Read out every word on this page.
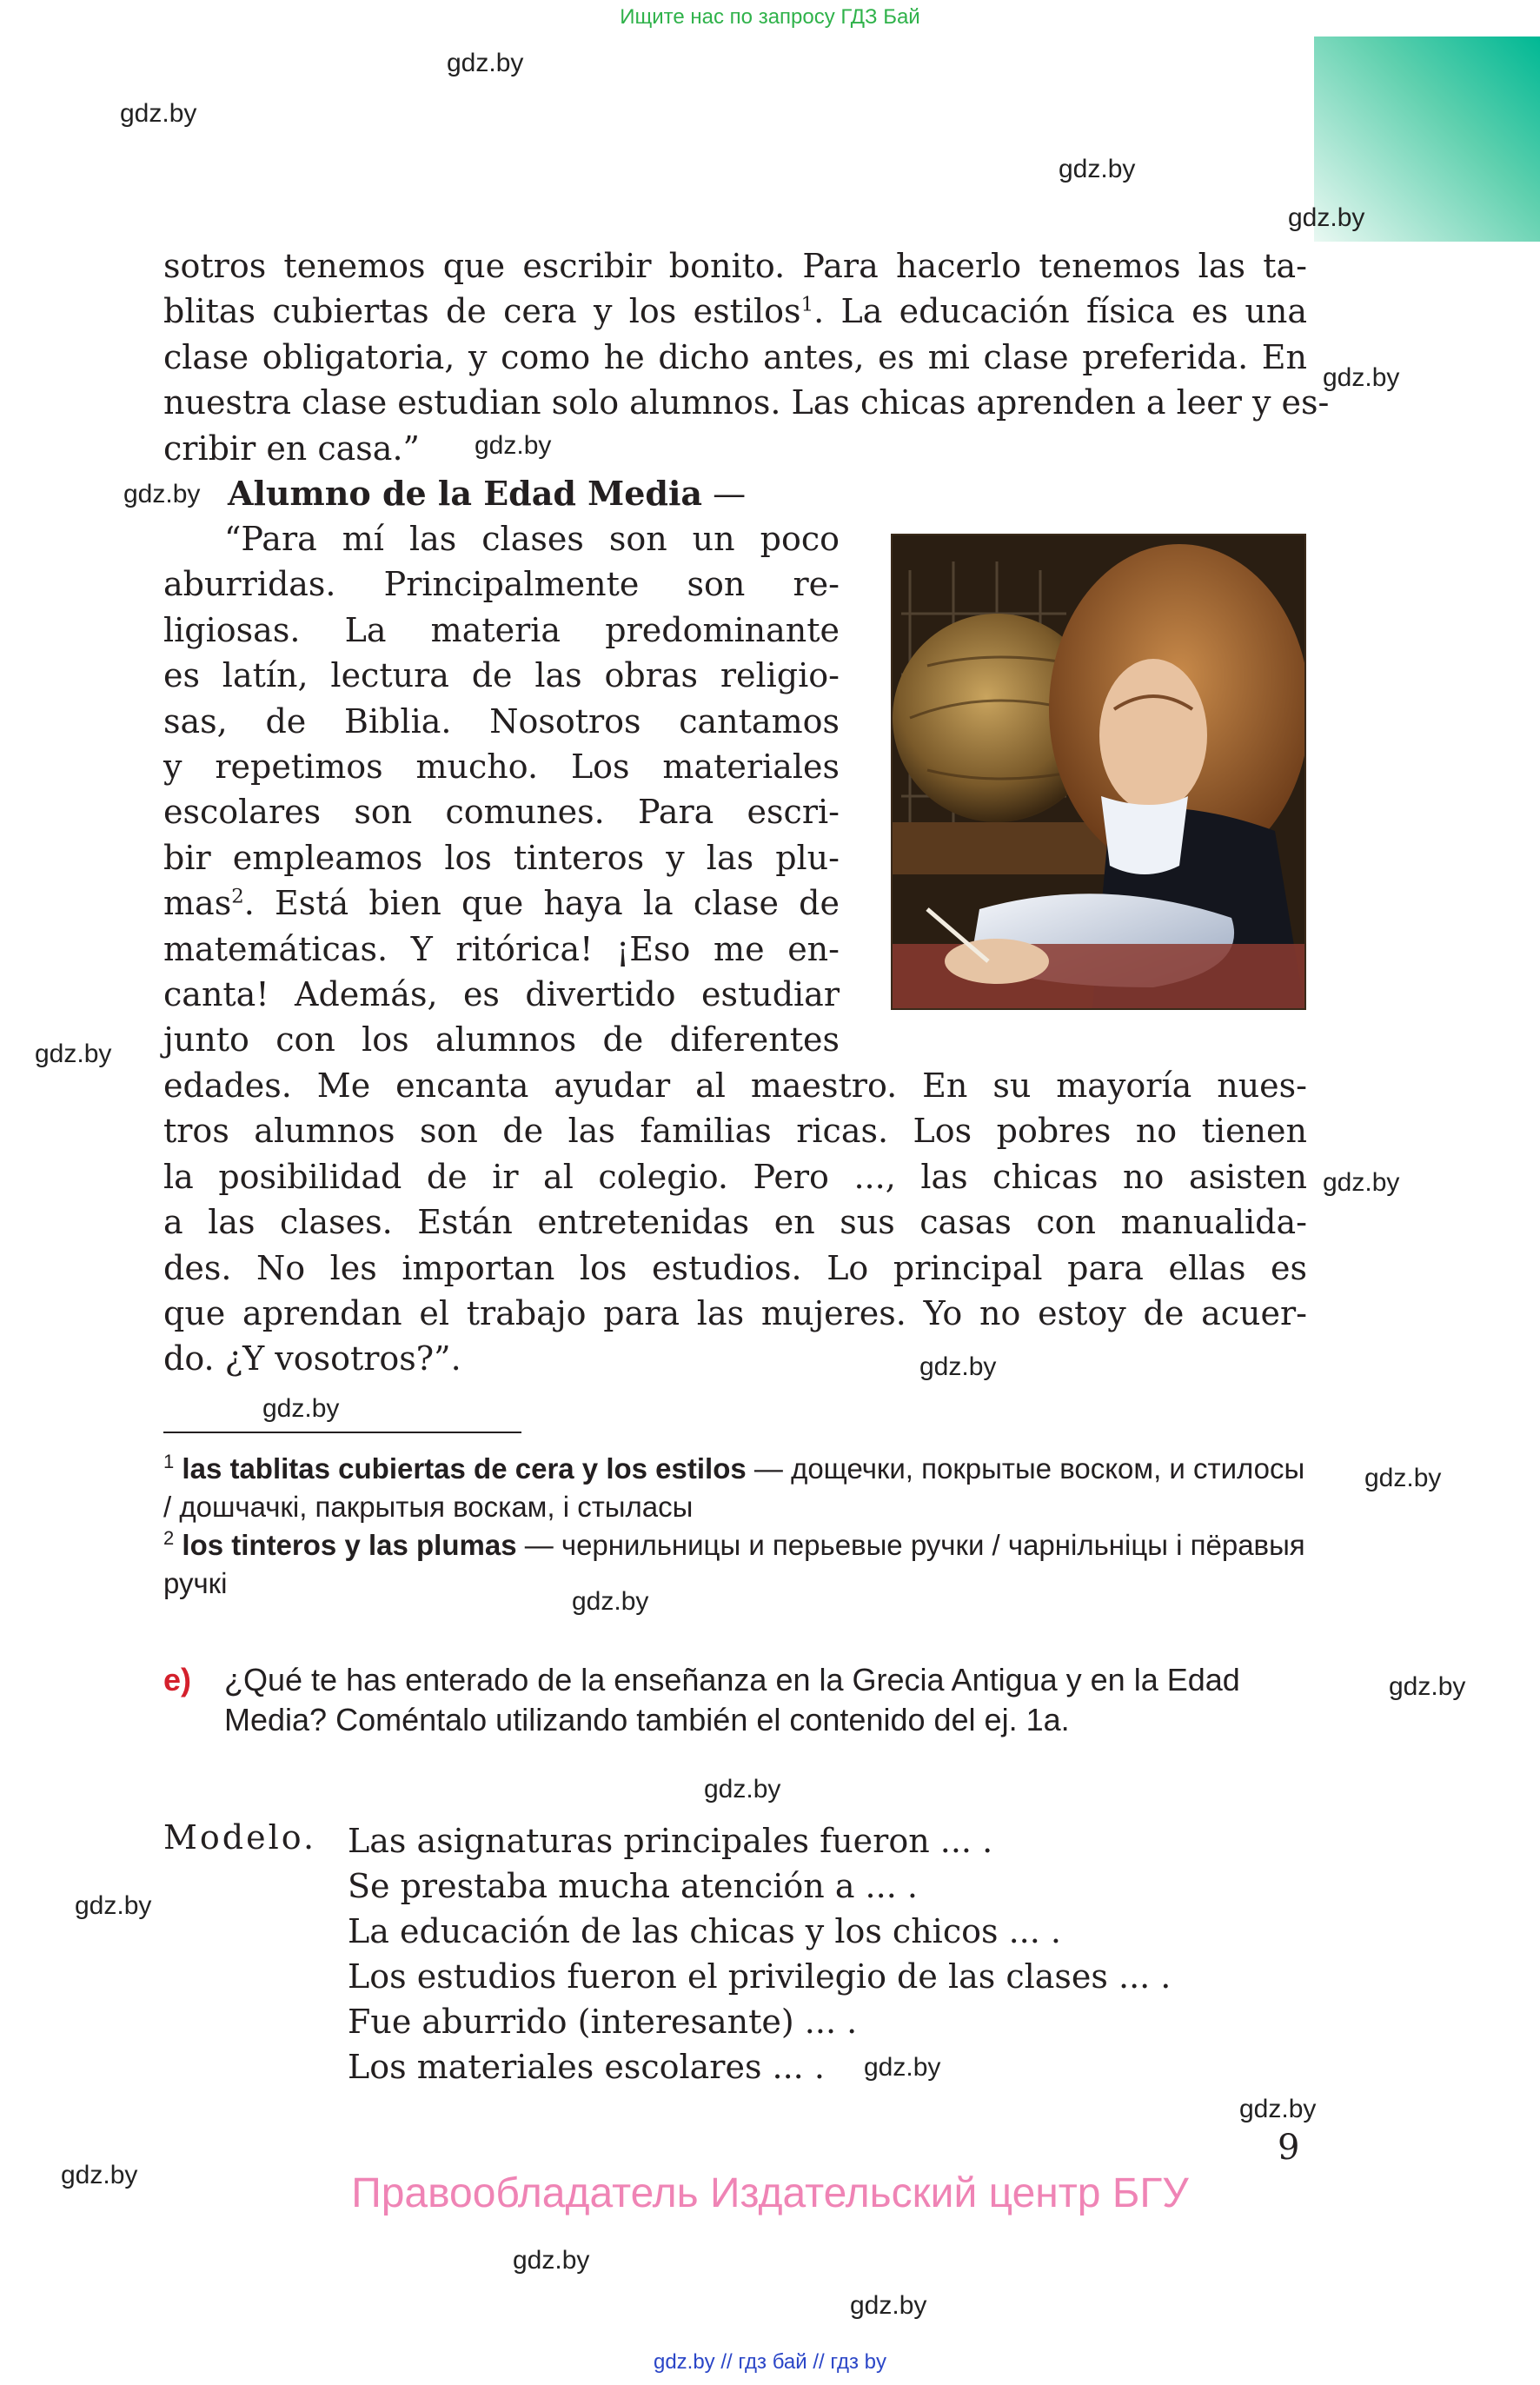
Ищите нас по запросу ГДЗ Бай
gdz.by
gdz.by
gdz.by
gdz.by
gdz.by
gdz.by
gdz.by
gdz.by
gdz.by
gdz.by
gdz.by
gdz.by
gdz.by
gdz.by
gdz.by
gdz.by
gdz.by
gdz.by
gdz.by
gdz.by
gdz.by
sotros tenemos que escribir bonito. Para hacerlo tenemos las ta-
blitas cubiertas de cera y los estilos$^1$. La educación física es una
clase obligatoria, y como he dicho antes, es mi clase preferida. En
nuestra clase estudian solo alumnos. Las chicas aprenden a leer y es-
cribir en casa.”
Alumno de la Edad Media —
“Para mí las clases son un poco
aburridas. Principalmente son re-
ligiosas. La materia predominante
es latín, lectura de las obras religio-
sas, de Biblia. Nosotros cantamos
y repetimos mucho. Los materiales
escolares son comunes. Para escri-
bir empleamos los tinteros y las plu-
mas$^2$. Está bien que haya la clase de
matemáticas. Y ritórica! ¡Eso me en-
canta! Además, es divertido estudiar
junto con los alumnos de diferentes
edades. Me encanta ayudar al maestro. En su mayoría nues-
tros alumnos son de las familias ricas. Los pobres no tienen
la posibilidad de ir al colegio. Pero ..., las chicas no asisten
a las clases. Están entretenidas en sus casas con manualida-
des. No les importan los estudios. Lo principal para ellas es
que aprendan el trabajo para las mujeres. Yo no estoy de acuer-
do. ¿Y vosotros?”.
$^1$ las tablitas cubiertas de cera y los estilos — дощечки, покрытые воском, и стилосы / дошчачкі, пакрытыя воскам, і стыласы
$^2$ los tinteros y las plumas — чернильницы и перьевые ручки / чарнільніцы і пёравыя ручкі
e) ¿Qué te has enterado de la enseñanza en la Grecia Antigua y en la Edad Media? Coméntalo utilizando también el contenido del ej. 1a.
Modelo. Las asignaturas principales fueron ... .
Se prestaba mucha atención a ... .
La educación de las chicas y los chicos ... .
Los estudios fueron el privilegio de las clases ... .
Fue aburrido (interesante) ... .
Los materiales escolares ... .
9
Правообладатель Издательский центр БГУ
gdz.by // гдз бай // гдз by
